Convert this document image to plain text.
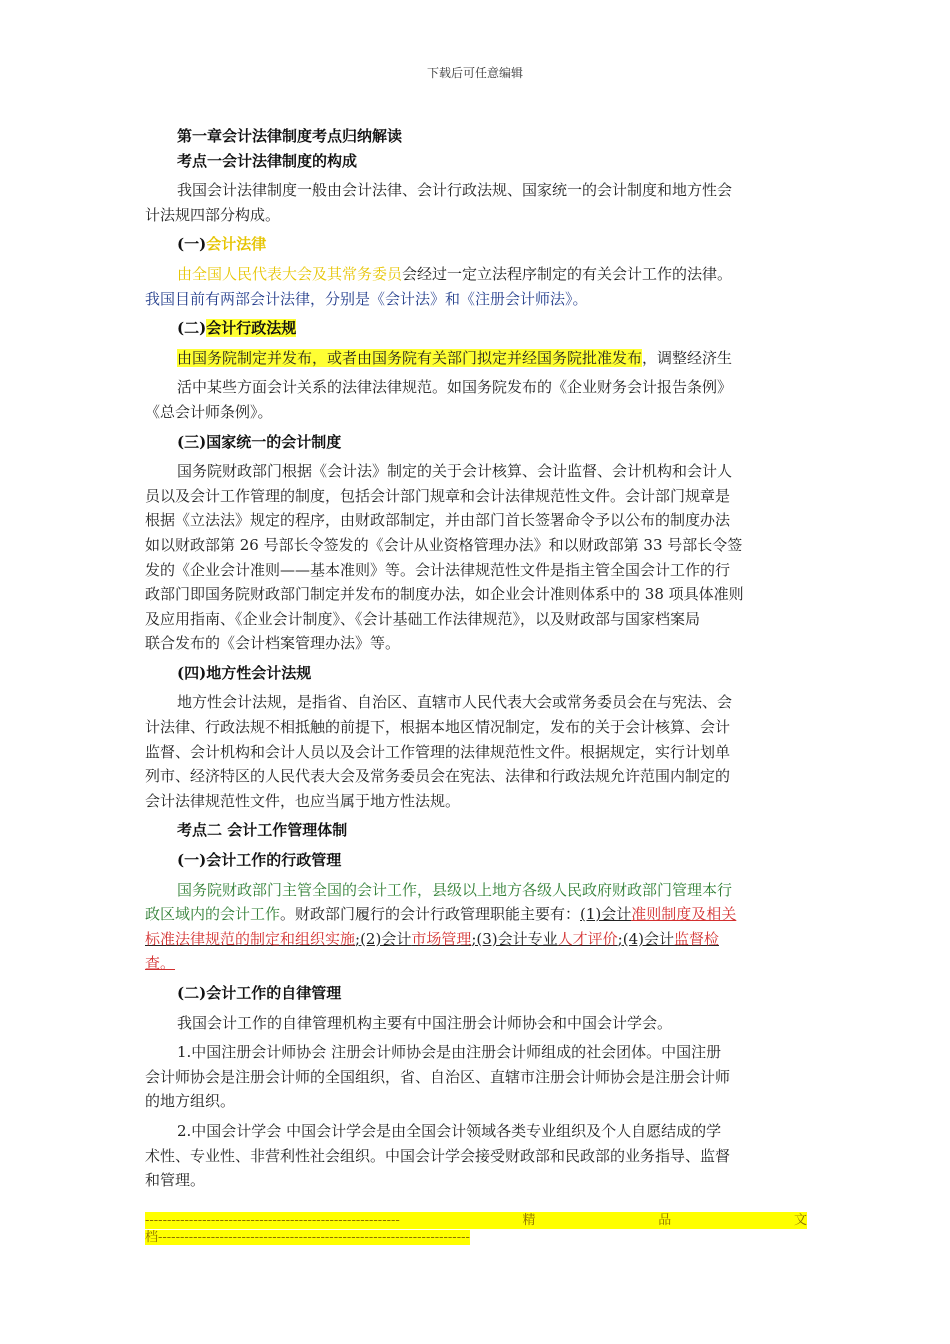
下载后可任意编辑
第一章会计法律制度考点归纳解读
考点一会计法律制度的构成
我国会计法律制度一般由会计法律、会计行政法规、国家统一的会计制度和地方性会
计法规四部分构成。
(一)会计法律
由全国人民代表大会及其常务委员会经过一定立法程序制定的有关会计工作的法律。
我国目前有两部会计法律，分别是《会计法》和《注册会计师法》。
(二)会计行政法规
由国务院制定并发布，或者由国务院有关部门拟定并经国务院批准发布，调整经济生
活中某些方面会计关系的法律法律规范。如国务院发布的《企业财务会计报告条例》
《总会计师条例》。
(三)国家统一的会计制度
国务院财政部门根据《会计法》制定的关于会计核算、会计监督、会计机构和会计人
员以及会计工作管理的制度，包括会计部门规章和会计法律规范性文件。会计部门规章是
根据《立法法》规定的程序，由财政部制定，并由部门首长签署命令予以公布的制度办法
如以财政部第 26 号部长令签发的《会计从业资格管理办法》和以财政部第 33 号部长令签
发的《企业会计准则——基本准则》等。会计法律规范性文件是指主管全国会计工作的行
政部门即国务院财政部门制定并发布的制度办法，如企业会计准则体系中的 38 项具体准则
及应用指南、《企业会计制度》、《会计基础工作法律规范》，以及财政部与国家档案局
联合发布的《会计档案管理办法》等。
(四)地方性会计法规
地方性会计法规，是指省、自治区、直辖市人民代表大会或常务委员会在与宪法、会
计法律、行政法规不相抵触的前提下，根据本地区情况制定，发布的关于会计核算、会计
监督、会计机构和会计人员以及会计工作管理的法律规范性文件。根据规定，实行计划单
列市、经济特区的人民代表大会及常务委员会在宪法、法律和行政法规允许范围内制定的
会计法律规范性文件，也应当属于地方性法规。
考点二 会计工作管理体制
(一)会计工作的行政管理
国务院财政部门主管全国的会计工作，县级以上地方各级人民政府财政部门管理本行
政区域内的会计工作。财政部门履行的会计行政管理职能主要有：(1)会计准则制度及相关
标准法律规范的制定和组织实施;(2)会计市场管理;(3)会计专业人才评价;(4)会计监督检
查。
(二)会计工作的自律管理
我国会计工作的自律管理机构主要有中国注册会计师协会和中国会计学会。
1.中国注册会计师协会 注册会计师协会是由注册会计师组成的社会团体。中国注册
会计师协会是注册会计师的全国组织，省、自治区、直辖市注册会计师协会是注册会计师
的地方组织。
2.中国会计学会 中国会计学会是由全国会计领域各类专业组织及个人自愿结成的学
术性、专业性、非营利性社会组织。中国会计学会接受财政部和民政部的业务指导、监督
和管理。
----------------------------------------------------------	精	品	文
档-----------------------------------------------------------------------
